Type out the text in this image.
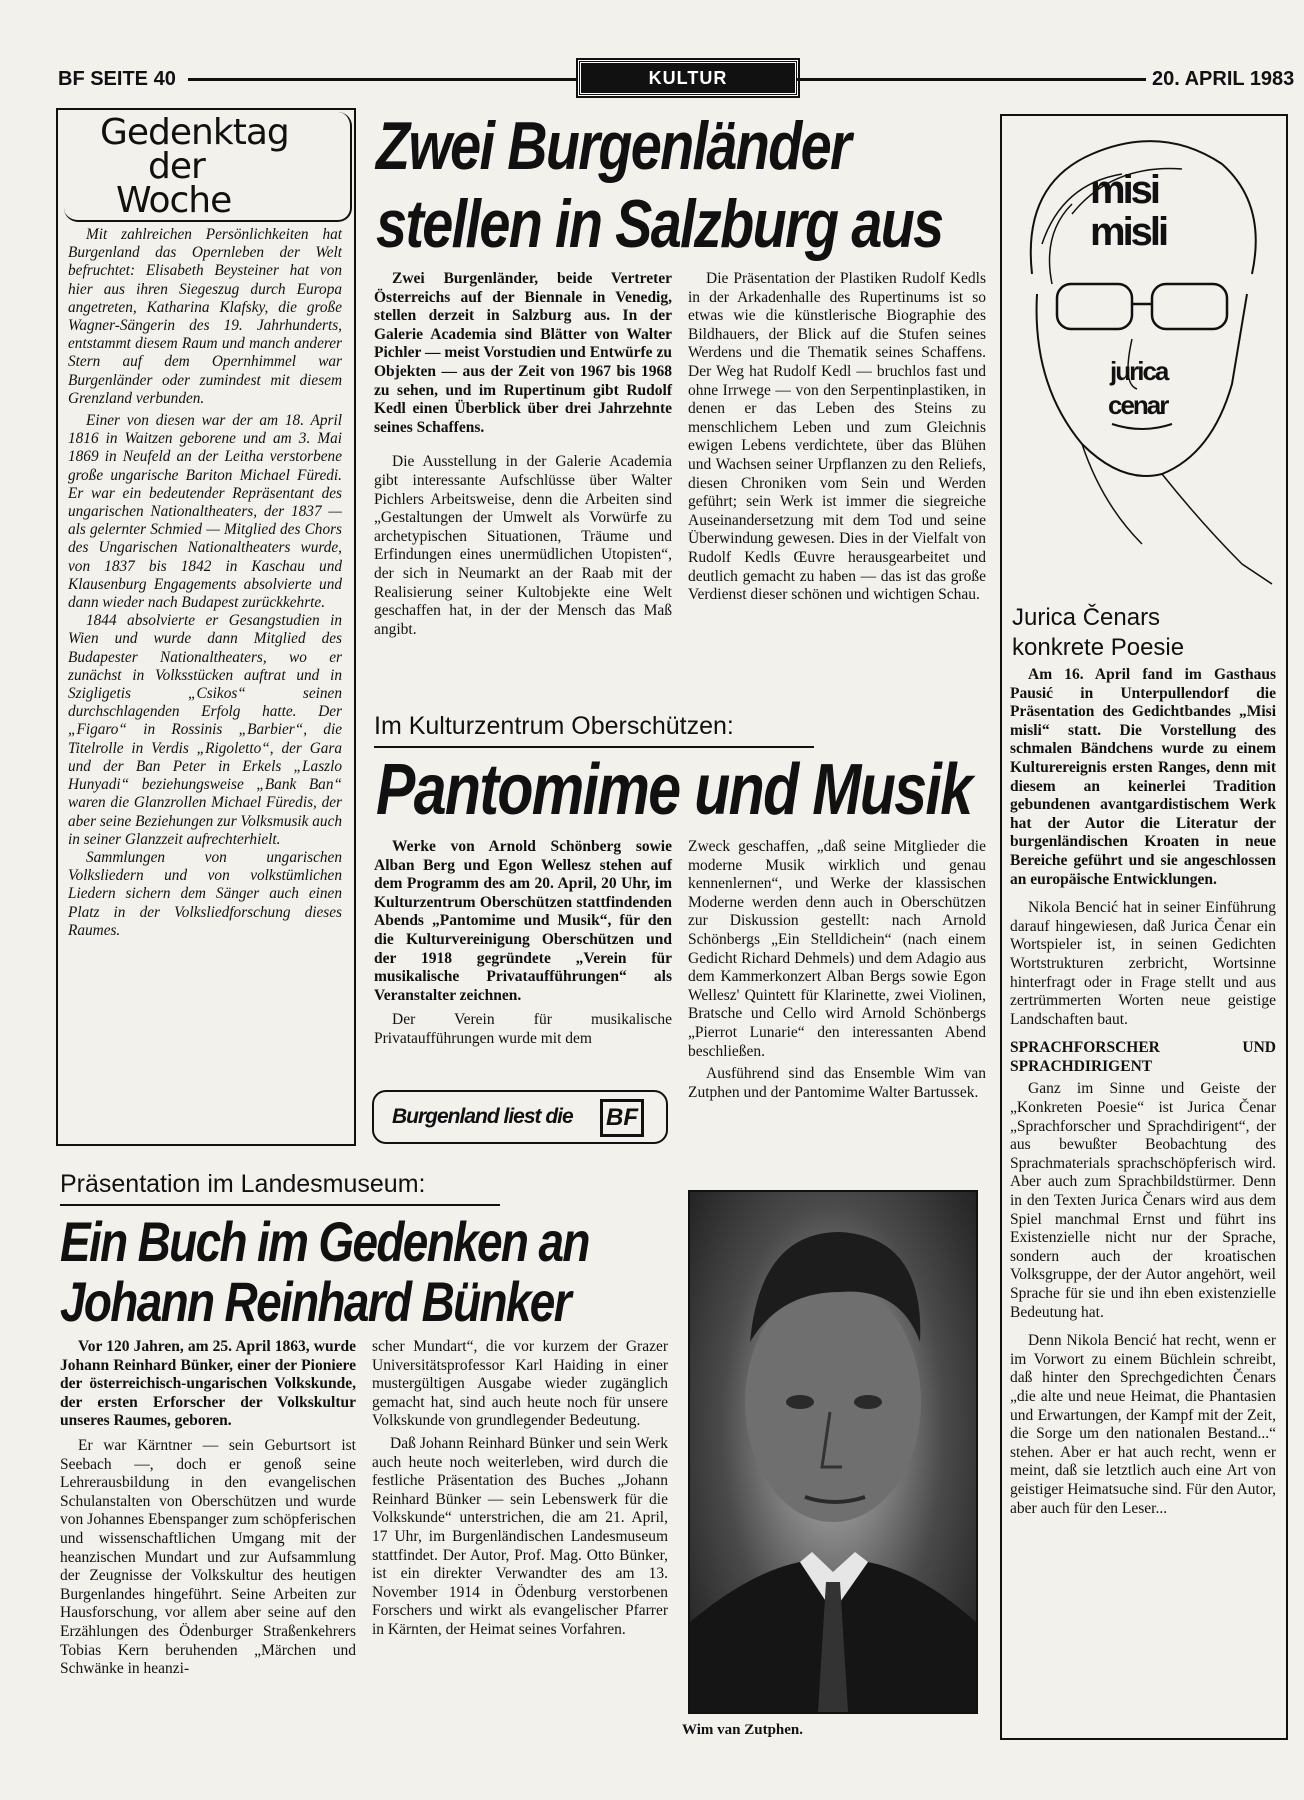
BF SEITE 40	KULTUR	20. APRIL 1983
Gedenktag
der
Woche

Mit zahlreichen Persönlichkeiten hat Burgenland das Opernleben der Welt befruchtet: Elisabeth Beysteiner hat von hier aus ihren Siegeszug durch Europa angetreten, Katharina Klafsky, die große Wagner-Sängerin des 19. Jahrhunderts, entstammt diesem Raum und manch anderer Stern auf dem Opernhimmel war Burgenländer oder zumindest mit diesem Grenzland verbunden.

Einer von diesen war der am 18. April 1816 in Waitzen geborene und am 3. Mai 1869 in Neufeld an der Leitha verstorbene große ungarische Bariton Michael Füredi. Er war ein bedeutender Repräsentant des ungarischen Nationaltheaters, der 1837 — als gelernter Schmied — Mitglied des Chors des Ungarischen Nationaltheaters wurde, von 1837 bis 1842 in Kaschau und Klausenburg Engagements absolvierte und dann wieder nach Budapest zurückkehrte.

1844 absolvierte er Gesangstudien in Wien und wurde dann Mitglied des Budapester Nationaltheaters, wo er zunächst in Volksstücken auftrat und in Szigligetis „Csikos“ seinen durchschlagenden Erfolg hatte. Der „Figaro“ in Rossinis „Barbier“, die Titelrolle in Verdis „Rigoletto“, der Gara und der Ban Peter in Erkels „Laszlo Hunyadi“ beziehungsweise „Bank Ban“ waren die Glanzrollen Michael Füredis, der aber seine Beziehungen zur Volksmusik auch in seiner Glanzzeit aufrechterhielt.

Sammlungen von ungarischen Volksliedern und von volkstümlichen Liedern sichern dem Sänger auch einen Platz in der Volksliedforschung dieses Raumes.

Zwei Burgenländer
stellen in Salzburg aus

Zwei Burgenländer, beide Vertreter Österreichs auf der Biennale in Venedig, stellen derzeit in Salzburg aus. In der Galerie Academia sind Blätter von Walter Pichler — meist Vorstudien und Entwürfe zu Objekten — aus der Zeit von 1967 bis 1968 zu sehen, und im Rupertinum gibt Rudolf Kedl einen Überblick über drei Jahrzehnte seines Schaffens.

Die Ausstellung in der Galerie Academia gibt interessante Aufschlüsse über Walter Pichlers Arbeitsweise, denn die Arbeiten sind „Gestaltungen der Umwelt als Vorwürfe zu archetypischen Situationen, Träume und Erfindungen eines unermüdlichen Utopisten“, der sich in Neumarkt an der Raab mit der Realisierung seiner Kultobjekte eine Welt geschaffen hat, in der der Mensch das Maß angibt.

Die Präsentation der Plastiken Rudolf Kedls in der Arkadenhalle des Rupertinums ist so etwas wie die künstlerische Biographie des Bildhauers, der Blick auf die Stufen seines Werdens und die Thematik seines Schaffens. Der Weg hat Rudolf Kedl — bruchlos fast und ohne Irrwege — von den Serpentinplastiken, in denen er das Leben des Steins zu menschlichem Leben und zum Gleichnis ewigen Lebens verdichtete, über das Blühen und Wachsen seiner Urpflanzen zu den Reliefs, diesen Chroniken vom Sein und Werden geführt; sein Werk ist immer die siegreiche Auseinandersetzung mit dem Tod und seine Überwindung gewesen. Dies in der Vielfalt von Rudolf Kedls Œuvre herausgearbeitet und deutlich gemacht zu haben — das ist das große Verdienst dieser schönen und wichtigen Schau.

Im Kulturzentrum Oberschützen:
Pantomime und Musik

Werke von Arnold Schönberg sowie Alban Berg und Egon Wellesz stehen auf dem Programm des am 20. April, 20 Uhr, im Kulturzentrum Oberschützen stattfindenden Abends „Pantomime und Musik“, für den die Kulturvereinigung Oberschützen und der 1918 gegründete „Verein für musikalische Privataufführungen“ als Veranstalter zeichnen.

Der Verein für musikalische Privataufführungen wurde mit dem

Zweck geschaffen, „daß seine Mitglieder die moderne Musik wirklich und genau kennenlernen“, und Werke der klassischen Moderne werden denn auch in Oberschützen zur Diskussion gestellt: nach Arnold Schönbergs „Ein Stelldichein“ (nach einem Gedicht Richard Dehmels) und dem Adagio aus dem Kammerkonzert Alban Bergs sowie Egon Wellesz' Quintett für Klarinette, zwei Violinen, Bratsche und Cello wird Arnold Schönbergs „Pierrot Lunarie“ den interessanten Abend beschließen.

Ausführend sind das Ensemble Wim van Zutphen und der Pantomime Walter Bartussek.

Burgenland liest die BF
Präsentation im Landesmuseum:
Ein Buch im Gedenken an
Johann Reinhard Bünker

Vor 120 Jahren, am 25. April 1863, wurde Johann Reinhard Bünker, einer der Pioniere der österreichisch-ungarischen Volkskunde, der ersten Erforscher der Volkskultur unseres Raumes, geboren.

Er war Kärntner — sein Geburtsort ist Seebach —, doch er genoß seine Lehrerausbildung in den evangelischen Schulanstalten von Oberschützen und wurde von Johannes Ebenspanger zum schöpferischen und wissenschaftlichen Umgang mit der heanzischen Mundart und zur Aufsammlung der Zeugnisse der Volkskultur des heutigen Burgenlandes hingeführt. Seine Arbeiten zur Hausforschung, vor allem aber seine auf den Erzählungen des Ödenburger Straßenkehrers Tobias Kern beruhenden „Märchen und Schwänke in heanzi-

scher Mundart“, die vor kurzem der Grazer Universitätsprofessor Karl Haiding in einer mustergültigen Ausgabe wieder zugänglich gemacht hat, sind auch heute noch für unsere Volkskunde von grundlegender Bedeutung.

Daß Johann Reinhard Bünker und sein Werk auch heute noch weiterleben, wird durch die festliche Präsentation des Buches „Johann Reinhard Bünker — sein Lebenswerk für die Volkskunde“ unterstrichen, die am 21. April, 17 Uhr, im Burgenländischen Landesmuseum stattfindet. Der Autor, Prof. Mag. Otto Bünker, ist ein direkter Verwandter des am 13. November 1914 in Ödenburg verstorbenen Forschers und wirkt als evangelischer Pfarrer in Kärnten, der Heimat seines Vorfahren.

Wim van Zutphen.
misi
misli
jurica
cenar
Jurica Čenars
konkrete Poesie

Am 16. April fand im Gasthaus Pausić in Unterpullendorf die Präsentation des Gedichtbandes „Misi misli“ statt. Die Vorstellung des schmalen Bändchens wurde zu einem Kulturereignis ersten Ranges, denn mit diesem an keinerlei Tradition gebundenen avantgardistischem Werk hat der Autor die Literatur der burgenländischen Kroaten in neue Bereiche geführt und sie angeschlossen an europäische Entwicklungen.

Nikola Bencić hat in seiner Einführung darauf hingewiesen, daß Jurica Čenar ein Wortspieler ist, in seinen Gedichten Wortstrukturen zerbricht, Wortsinne hinterfragt oder in Frage stellt und aus zertrümmerten Worten neue geistige Landschaften baut.

SPRACHFORSCHER UND SPRACHDIRIGENT

Ganz im Sinne und Geiste der „Konkreten Poesie“ ist Jurica Čenar „Sprachforscher und Sprachdirigent“, der aus bewußter Beobachtung des Sprachmaterials sprachschöpferisch wird. Aber auch zum Sprachbildstürmer. Denn in den Texten Jurica Čenars wird aus dem Spiel manchmal Ernst und führt ins Existenzielle nicht nur der Sprache, sondern auch der kroatischen Volksgruppe, der der Autor angehört, weil Sprache für sie und ihn eben existenzielle Bedeutung hat.

Denn Nikola Bencić hat recht, wenn er im Vorwort zu einem Büchlein schreibt, daß hinter den Sprechgedichten Čenars „die alte und neue Heimat, die Phantasien und Erwartungen, der Kampf mit der Zeit, die Sorge um den nationalen Bestand...“ stehen. Aber er hat auch recht, wenn er meint, daß sie letztlich auch eine Art von geistiger Heimatsuche sind. Für den Autor, aber auch für den Leser...
